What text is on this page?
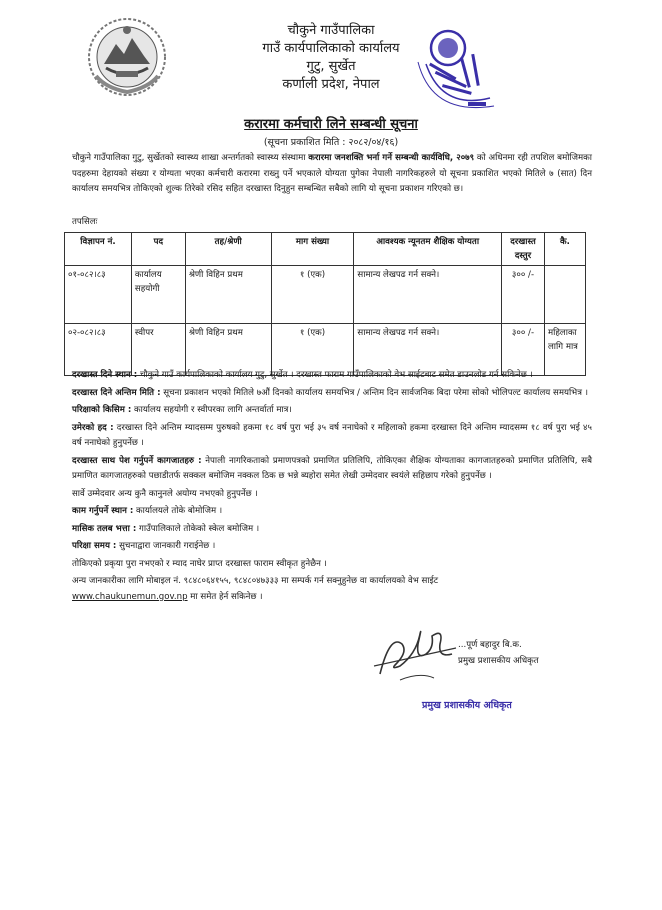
चौकुने गाउँपालिका
गाउँ कार्यपालिकाको कार्यालय
गुटु, सुर्खेत
कर्णाली प्रदेश, नेपाल
करारमा कर्मचारी लिने सम्बन्धी सूचना
(सूचना प्रकाशित मिति : २०८२/०४/१६)
चौकुने गाउँपालिका गुटु, सुर्खेतको स्वास्थ्य शाखा अन्तर्गतको स्वास्थ्य संस्थामा करारमा जनशक्ति भर्ना गर्ने सम्बन्धी कार्यविधि, २०७९ को अधिनमा रही तपशिल बमोजिमका पदहरुमा देहायको संख्या र योग्यता भएका कर्मचारी करारमा राख्नु पर्ने भएकाले योग्यता पुगेका नेपाली नागरिकहरुले यो सूचना प्रकाशित भएको मितिले ७ (सात) दिन कार्यालय समयभित्र तोकिएको शुल्क तिरेको रसिद सहित दरखास्त दिनुहुन सम्बन्धित सबैको लागि यो सूचना प्रकाशन गरिएको छ।
तपसिलः
विज्ञापन नं.	पद	तह/श्रेणी	माग संख्या	आवश्यक न्यूनतम शैक्षिक योग्यता	दरखास्त दस्तुर	कै.
०१-०८२।८३	कार्यालय सहयोगी	श्रेणी विहिन प्रथम	१ (एक)	सामान्य लेखपढ गर्न सक्ने।	३०० /-	
०२-०८२।८३	स्वीपर	श्रेणी विहिन प्रथम	१ (एक)	सामान्य लेखपढ गर्न सक्ने।	३०० /-	महिलाका लागि मात्र

दरखास्त दिने स्थान : चौकुने गाउँ कार्यपालिकाको कार्यालय गुटु, सुर्खेत । दरखास्त फाराम गाउँपालिकाको वेभ साईटबाट समेत डाउनलोड गर्न सकिनेछ ।

दरखास्त दिने अन्तिम मिति : सूचना प्रकाशन भएको मितिले ७औं दिनको कार्यालय समयभित्र / अन्तिम दिन सार्वजनिक बिदा परेमा सोको भोलिपल्ट कार्यालय समयभित्र ।

परिक्षाको किसिम : कार्यालय सहयोगी र स्वीपरका लागि अन्तर्वार्ता मात्र।

उमेरको हद : दरखास्त दिने अन्तिम म्यादसम्म पुरुषको हकमा १८ वर्ष पुरा भई ३५ वर्ष ननाघेको र महिलाको हकमा दरखास्त दिने अन्तिम म्यादसम्म १८ वर्ष पुरा भई ४५ वर्ष ननाघेको हुनुपर्नेछ ।

दरखास्त साथ पेश गर्नुपर्ने कागजातहरु : नेपाली नागरिकताको प्रमाणपत्रको प्रमाणित प्रतिलिपि, तोकिएका शैक्षिक योग्यताका कागजातहरुको प्रमाणित प्रतिलिपि, सबै प्रमाणित कागजातहरुको पछाडीतर्फ सक्कल बमोजिम नक्कल ठिक छ भन्ने ब्यहोरा समेत लेखी उम्मेदवार स्वयंले सहिछाप गरेको हुनुपर्नेछ ।

सार्वे उम्मेदवार अन्य कुनै कानुनले अयोग्य नभएको हुनुपर्नेछ ।

काम गर्नुपर्ने स्थान : कार्यालयले तोके बोमोजिम ।

मासिक तलब भत्ता : गाउँपालिकाले तोकेको स्केल बमोजिम ।

परिक्षा समय : सुचनाद्वारा जानकारी गराईनेछ ।

तोकिएको प्रकृया पुरा नभएको र म्याद नाघेर प्राप्त दरखास्त फाराम स्वीकृत हुनेछैन ।

अन्य जानकारीका लागि मोबाइल नं. ९८४८०६४१५५, ९८४८०४७३३३ मा सम्पर्क गर्न सक्नुहुनेछ वा कार्यालयको वेभ साईट
www.chaukunemun.gov.np मा समेत हेर्न सकिनेछ ।

...पूर्ण बहादुर बि.क.
प्रमुख प्रशासकीय अधिकृत
प्रमुख प्रशासकीय अधिकृत
